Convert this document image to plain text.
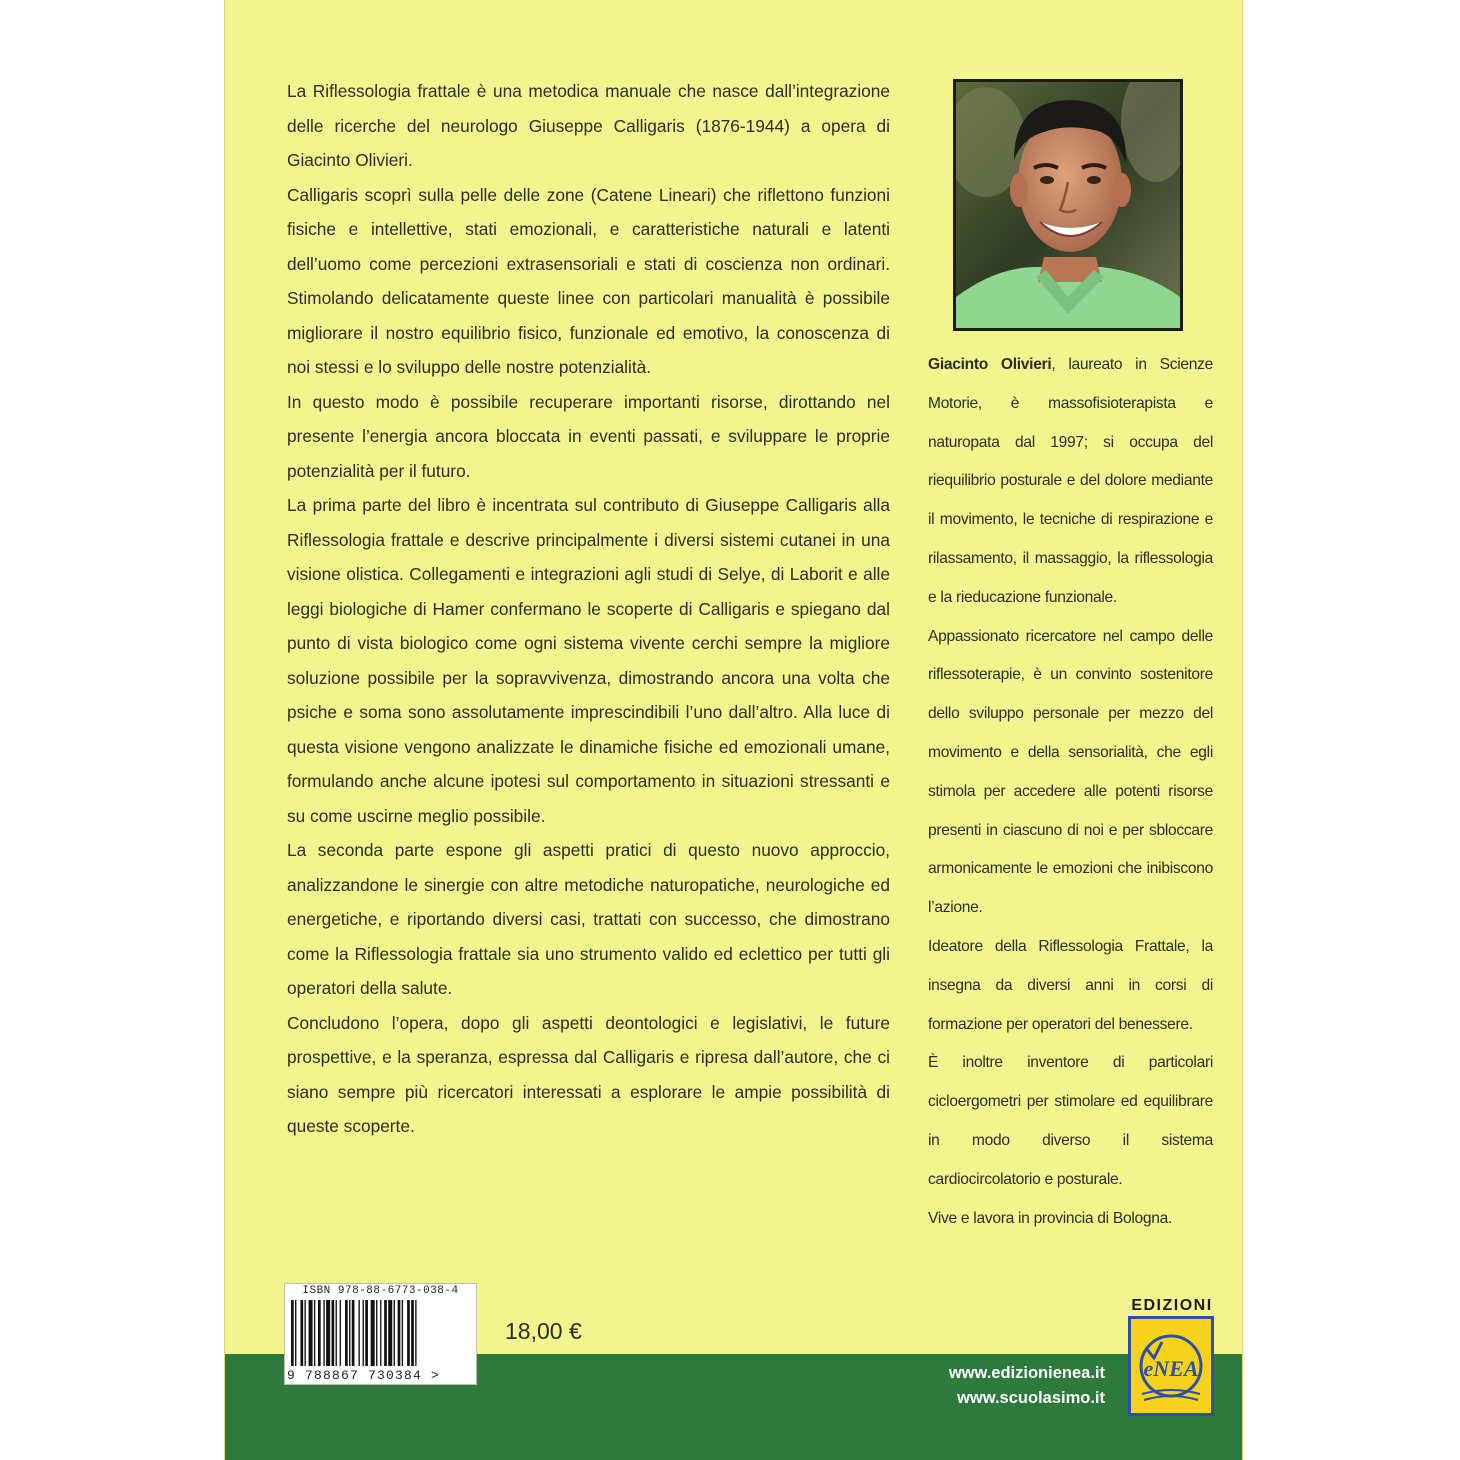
La Riflessologia frattale è una metodica manuale che nasce dall’integrazione delle ricerche del neurologo Giuseppe Calligaris (1876-1944) a opera di Giacinto Olivieri.

Calligaris scoprì sulla pelle delle zone (Catene Lineari) che riflettono funzioni fisiche e intellettive, stati emozionali, e caratteristiche naturali e latenti dell’uomo come percezioni extrasensoriali e stati di coscienza non ordinari. Stimolando delicatamente queste linee con particolari manualità è possibile migliorare il nostro equilibrio fisico, funzionale ed emotivo, la conoscenza di noi stessi e lo sviluppo delle nostre potenzialità.

In questo modo è possibile recuperare importanti risorse, dirottando nel presente l’energia ancora bloccata in eventi passati, e sviluppare le proprie potenzialità per il futuro.

La prima parte del libro è incentrata sul contributo di Giuseppe Calligaris alla Riflessologia frattale e descrive principalmente i diversi sistemi cutanei in una visione olistica. Collegamenti e integrazioni agli studi di Selye, di Laborit e alle leggi biologiche di Hamer confermano le scoperte di Calligaris e spiegano dal punto di vista biologico come ogni sistema vivente cerchi sempre la migliore soluzione possibile per la sopravvivenza, dimostrando ancora una volta che psiche e soma sono assolutamente imprescindibili l’uno dall’altro. Alla luce di questa visione vengono analizzate le dinamiche fisiche ed emozionali umane, formulando anche alcune ipotesi sul comportamento in situazioni stressanti e su come uscirne meglio possibile.

La seconda parte espone gli aspetti pratici di questo nuovo approccio, analizzandone le sinergie con altre metodiche naturopatiche, neurologiche ed energetiche, e riportando diversi casi, trattati con successo, che dimostrano come la Riflessologia frattale sia uno strumento valido ed eclettico per tutti gli operatori della salute.

Concludono l’opera, dopo gli aspetti deontologici e legislativi, le future prospettive, e la speranza, espressa dal Calligaris e ripresa dall’autore, che ci siano sempre più ricercatori interessati a esplorare le ampie possibilità di queste scoperte.

Giacinto Olivieri, laureato in Scienze Motorie, è massofisioterapista e naturopata dal 1997; si occupa del riequilibrio posturale e del dolore mediante il movimento, le tecniche di respirazione e rilassamento, il massaggio, la riflessologia e la rieducazione funzionale.

Appassionato ricercatore nel campo delle riflessoterapie, è un convinto sostenitore dello sviluppo personale per mezzo del movimento e della sensorialità, che egli stimola per accedere alle potenti risorse presenti in ciascuno di noi e per sbloccare armonicamente le emozioni che inibiscono l’azione.

Ideatore della Riflessologia Frattale, la insegna da diversi anni in corsi di formazione per operatori del benessere.

È inoltre inventore di particolari cicloergometri per stimolare ed equilibrare in modo diverso il sistema cardiocircolatorio e posturale.

Vive e lavora in provincia di Bologna.

ISBN 978-88-6773-038-4
9 788867 730384 >
18,00 €
EDIZIONI
eNEA
www.edizionienea.it
www.scuolasimo.it
